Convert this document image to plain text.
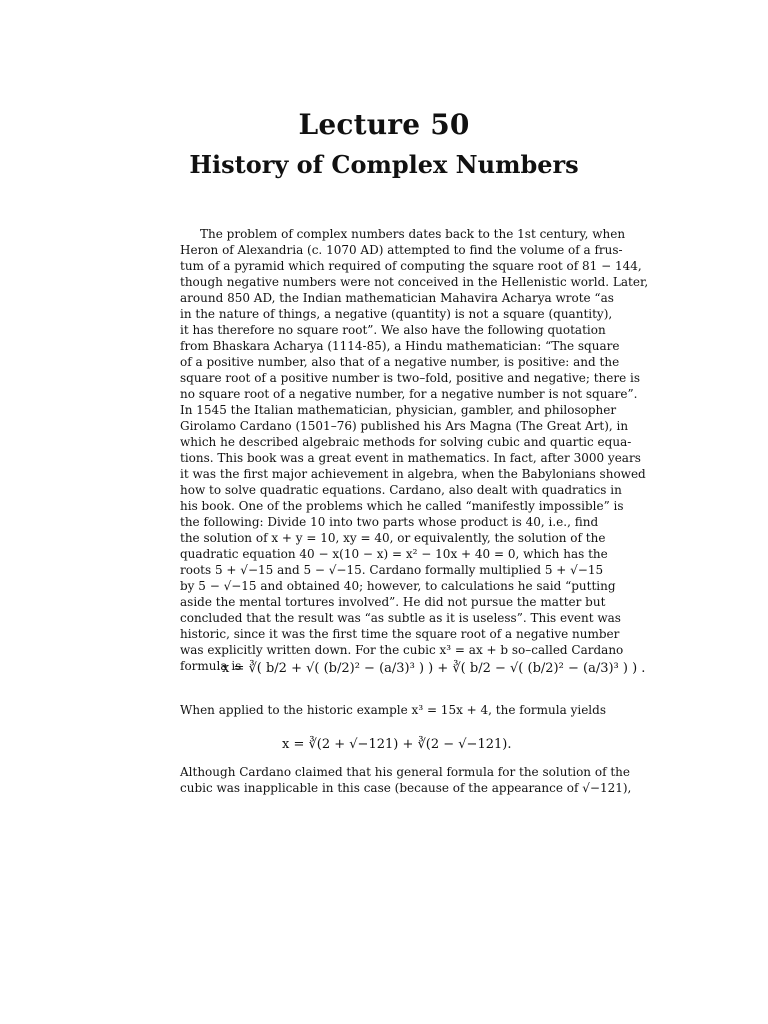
Lecture 50
History of Complex Numbers
The problem of complex numbers dates back to the 1st century, when
Heron of Alexandria (c. 1070 AD) attempted to find the volume of a frus-
tum of a pyramid which required of computing the square root of 81 − 144,
though negative numbers were not conceived in the Hellenistic world. Later,
around 850 AD, the Indian mathematician Mahavira Acharya wrote “as
in the nature of things, a negative (quantity) is not a square (quantity),
it has therefore no square root”. We also have the following quotation
from Bhaskara Acharya (1114-85), a Hindu mathematician: “The square
of a positive number, also that of a negative number, is positive: and the
square root of a positive number is two–fold, positive and negative; there is
no square root of a negative number, for a negative number is not square”.
In 1545 the Italian mathematician, physician, gambler, and philosopher
Girolamo Cardano (1501–76) published his Ars Magna (The Great Art), in
which he described algebraic methods for solving cubic and quartic equa-
tions. This book was a great event in mathematics. In fact, after 3000 years
it was the first major achievement in algebra, when the Babylonians showed
how to solve quadratic equations. Cardano, also dealt with quadratics in
his book. One of the problems which he called “manifestly impossible” is
the following: Divide 10 into two parts whose product is 40, i.e., find
the solution of x + y = 10, xy = 40, or equivalently, the solution of the
quadratic equation 40 − x(10 − x) = x² − 10x + 40 = 0, which has the
roots 5 + √−15 and 5 − √−15. Cardano formally multiplied 5 + √−15
by 5 − √−15 and obtained 40; however, to calculations he said “putting
aside the mental tortures involved”. He did not pursue the matter but
concluded that the result was “as subtle as it is useless”. This event was
historic, since it was the first time the square root of a negative number
was explicitly written down. For the cubic x³ = ax + b so–called Cardano
formula is
x = ∛( b/2 + √( (b/2)² − (a/3)³ ) ) + ∛( b/2 − √( (b/2)² − (a/3)³ ) ) .
When applied to the historic example x³ = 15x + 4, the formula yields
x = ∛(2 + √−121) + ∛(2 − √−121).
Although Cardano claimed that his general formula for the solution of the
cubic was inapplicable in this case (because of the appearance of √−121),
